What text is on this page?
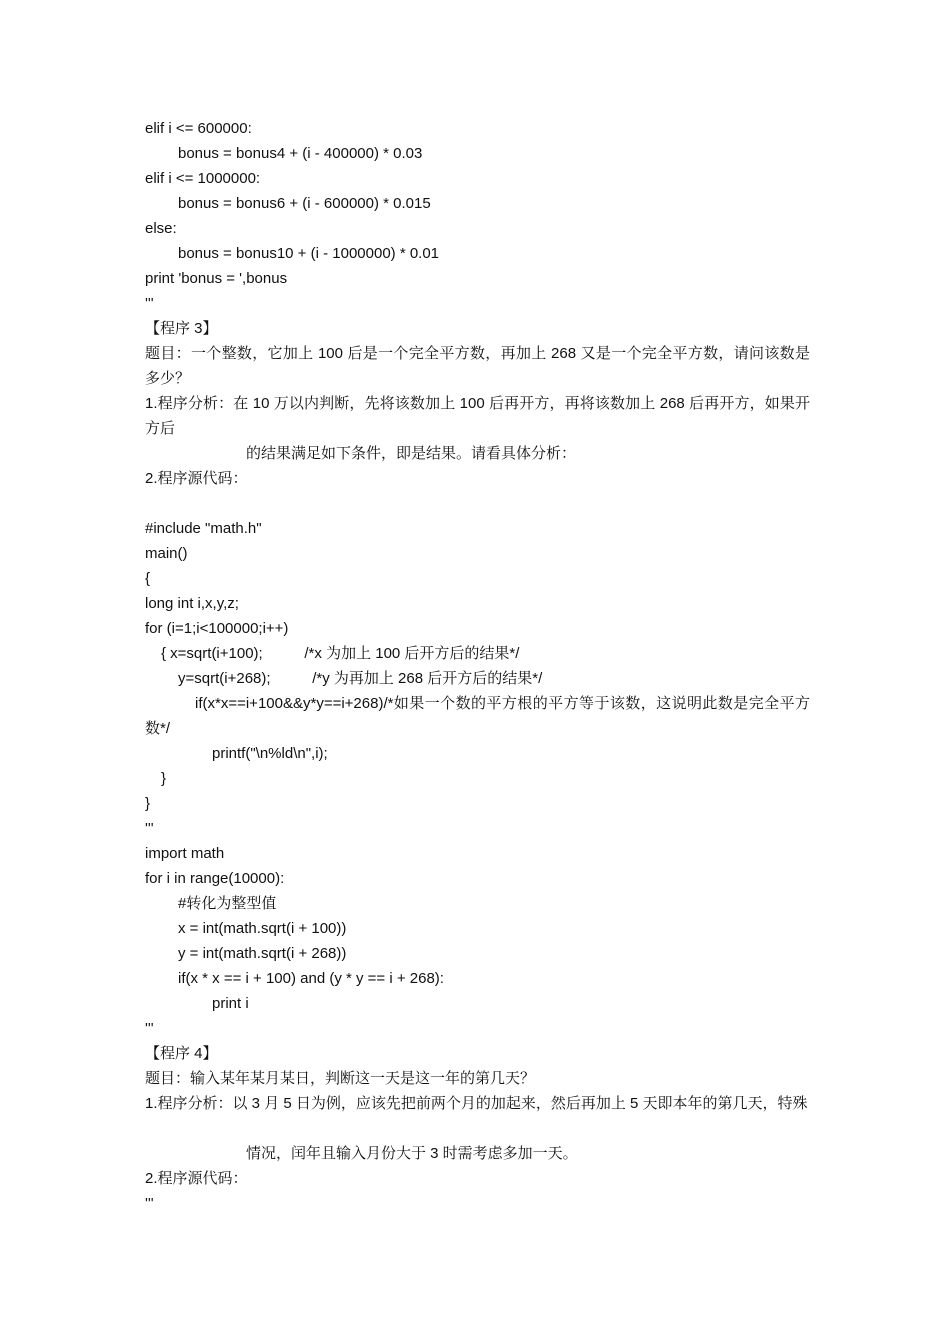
elif i <= 600000:
bonus = bonus4 + (i - 400000) * 0.03
elif i <= 1000000:
bonus = bonus6 + (i - 600000) * 0.015
else:
bonus = bonus10 + (i - 1000000) * 0.01
print 'bonus = ',bonus
'''
【程序 3】
题目：一个整数，它加上 100 后是一个完全平方数，再加上 268 又是一个完全平方数，请问该数是多少？
1.程序分析：在 10 万以内判断，先将该数加上 100 后再开方，再将该数加上 268 后再开方，如果开方后
的结果满足如下条件，即是结果。请看具体分析：
2.程序源代码：
#include "math.h"
main()
{
long int i,x,y,z;
for (i=1;i<100000;i++)
{ x=sqrt(i+100);          /*x 为加上 100 后开方后的结果*/
y=sqrt(i+268);          /*y 为再加上 268 后开方后的结果*/
if(x*x==i+100&&y*y==i+268)/*如果一个数的平方根的平方等于该数，这说明此数是完全平方数*/
printf("\n%ld\n",i);
}
}
'''
import math
for i in range(10000):
#转化为整型值
x = int(math.sqrt(i + 100))
y = int(math.sqrt(i + 268))
if(x * x == i + 100) and (y * y == i + 268):
print i
'''
【程序 4】
题目：输入某年某月某日，判断这一天是这一年的第几天？
1.程序分析：以 3 月 5 日为例，应该先把前两个月的加起来，然后再加上 5 天即本年的第几天，特殊
情况，闰年且输入月份大于 3 时需考虑多加一天。
2.程序源代码：
'''
